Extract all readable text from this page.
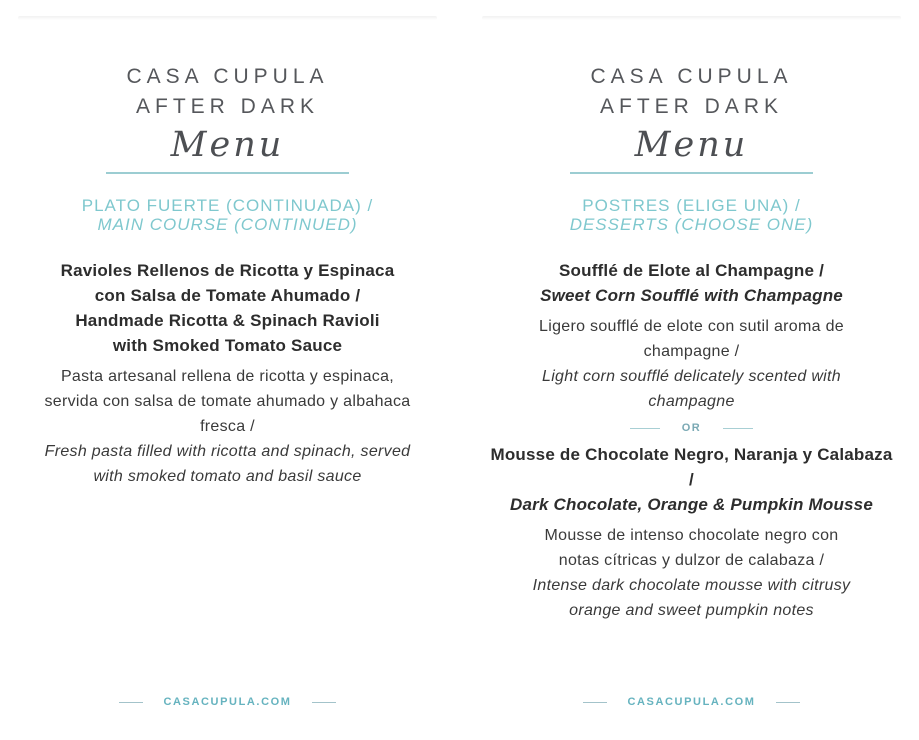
CASA CUPULA
AFTER DARK
Menu
PLATO FUERTE (CONTINUADA) /
MAIN COURSE (CONTINUED)
Ravioles Rellenos de Ricotta y Espinaca
con Salsa de Tomate Ahumado /
Handmade Ricotta & Spinach Ravioli
with Smoked Tomato Sauce
Pasta artesanal rellena de ricotta y espinaca,
servida con salsa de tomate ahumado y albahaca
fresca /
Fresh pasta filled with ricotta and spinach, served
with smoked tomato and basil sauce
CASACUPULA.COM
CASA CUPULA
AFTER DARK
Menu
POSTRES (ELIGE UNA) /
DESSERTS (CHOOSE ONE)
Soufflé de Elote al Champagne /
Sweet Corn Soufflé with Champagne
Ligero soufflé de elote con sutil aroma de
champagne /
Light corn soufflé delicately scented with
champagne
OR
Mousse de Chocolate Negro, Naranja y Calabaza
/
Dark Chocolate, Orange & Pumpkin Mousse
Mousse de intenso chocolate negro con
notas cítricas y dulzor de calabaza /
Intense dark chocolate mousse with citrusy
orange and sweet pumpkin notes
CASACUPULA.COM
